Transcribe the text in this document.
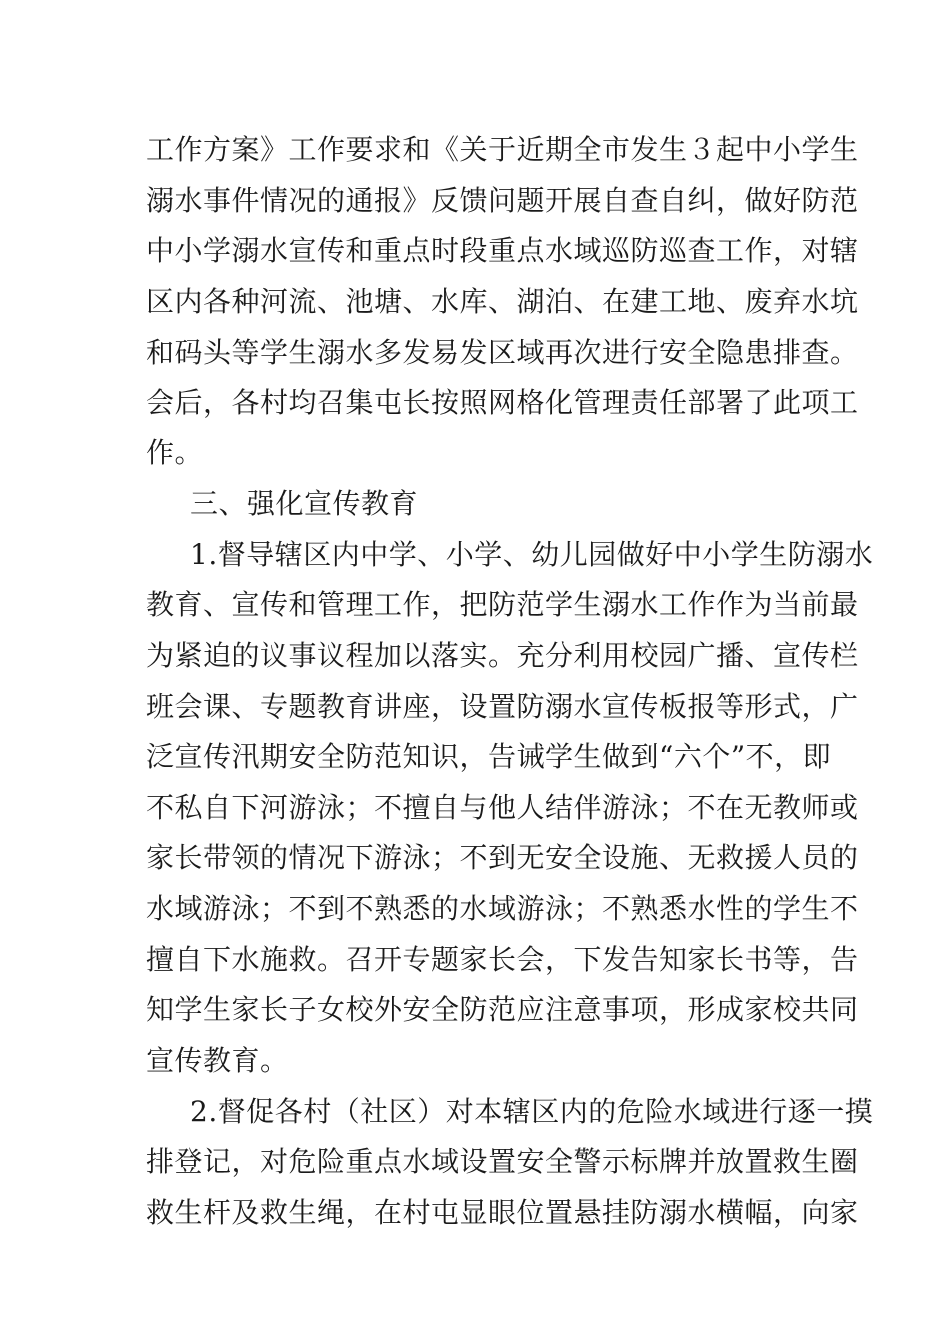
工作方案》工作要求和《关于近期全市发生３起中小学生
溺水事件情况的通报》反馈问题开展自查自纠，做好防范
中小学溺水宣传和重点时段重点水域巡防巡查工作，对辖
区内各种河流、池塘、水库、湖泊、在建工地、废弃水坑
和码头等学生溺水多发易发区域再次进行安全隐患排查。
会后，各村均召集屯长按照网格化管理责任部署了此项工
作。
三、强化宣传教育
1.督导辖区内中学、小学、幼儿园做好中小学生防溺水
教育、宣传和管理工作，把防范学生溺水工作作为当前最
为紧迫的议事议程加以落实。充分利用校园广播、宣传栏
班会课、专题教育讲座，设置防溺水宣传板报等形式，广
泛宣传汛期安全防范知识，告诫学生做到“六个”不，即
不私自下河游泳；不擅自与他人结伴游泳；不在无教师或
家长带领的情况下游泳；不到无安全设施、无救援人员的
水域游泳；不到不熟悉的水域游泳；不熟悉水性的学生不
擅自下水施救。召开专题家长会，下发告知家长书等，告
知学生家长子女校外安全防范应注意事项，形成家校共同
宣传教育。
2.督促各村（社区）对本辖区内的危险水域进行逐一摸
排登记，对危险重点水域设置安全警示标牌并放置救生圈
救生杆及救生绳，在村屯显眼位置悬挂防溺水横幅，向家
